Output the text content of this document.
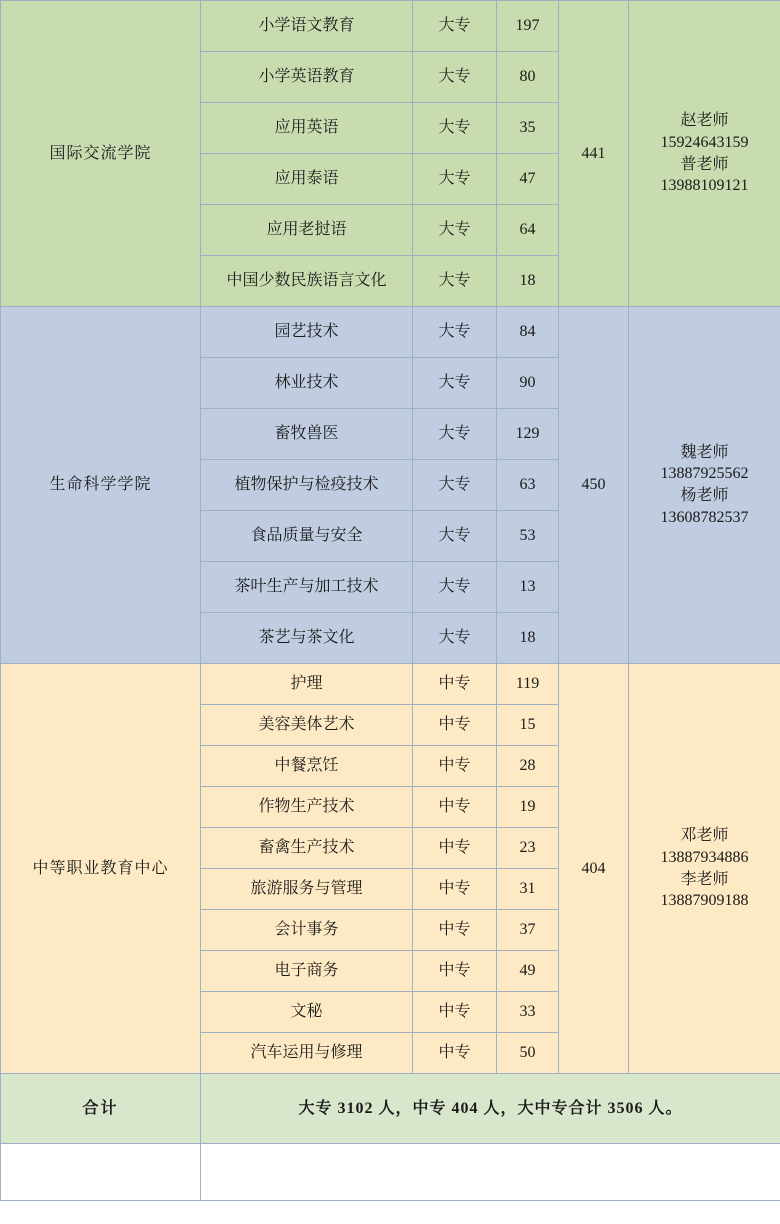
国际交流学院	小学语文教育	大专	197	441	赵老师
15924643159
普老师
13988109121

	小学英语教育	大专	80		
	应用英语	大专	35		
	应用泰语	大专	47		
	应用老挝语	大专	64		
	中国少数民族语言文化	大专	18		
生命科学学院	园艺技术	大专	84	450	魏老师
13887925562
杨老师
13608782537

	林业技术	大专	90		
	畜牧兽医	大专	129		
	植物保护与检疫技术	大专	63		
	食品质量与安全	大专	53		
	茶叶生产与加工技术	大专	13		
	茶艺与茶文化	大专	18		
中等职业教育中心	护理	中专	119	404	邓老师
13887934886
李老师
13887909188

	美容美体艺术	中专	15		
	中餐烹饪	中专	28		
	作物生产技术	中专	19		
	畜禽生产技术	中专	23		
	旅游服务与管理	中专	31		
	会计事务	中专	37		
	电子商务	中专	49		
	文秘	中专	33		
	汽车运用与修理	中专	50		
合计	大专 3102 人，中专 404 人，大中专合计 3506 人。				
